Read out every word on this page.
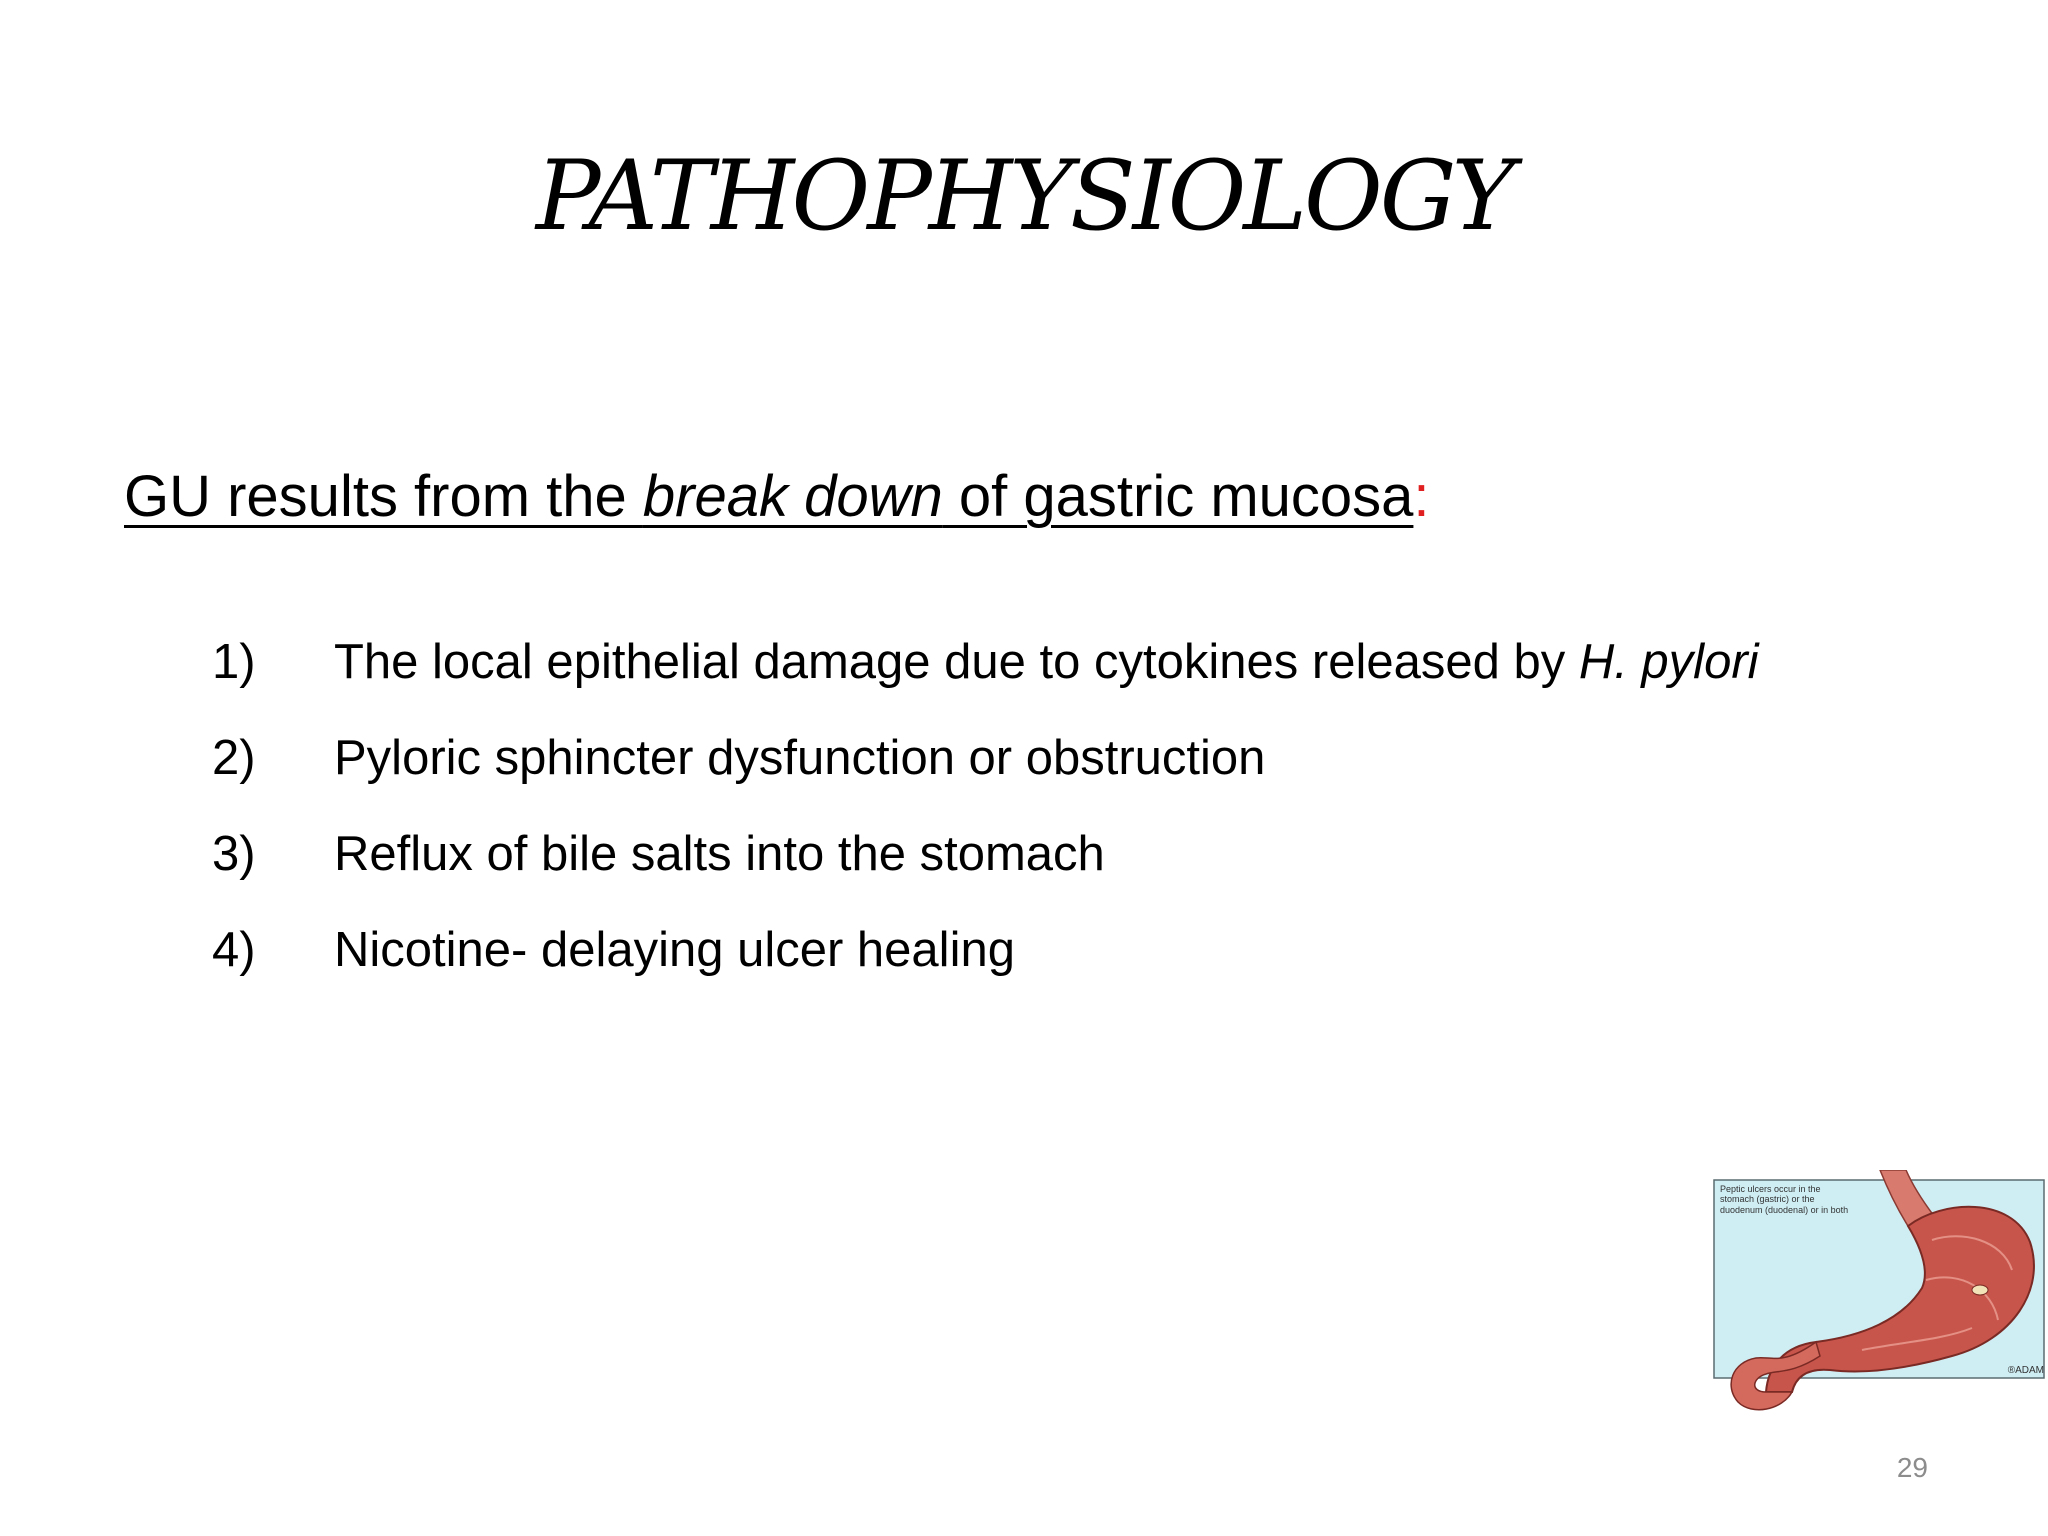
PATHOPHYSIOLOGY
GU results from the break down of gastric mucosa:
1)	The local epithelial damage due to cytokines released by H. pylori
2)	Pyloric sphincter dysfunction or obstruction
3)	Reflux of bile salts into the stomach
4)	Nicotine- delaying ulcer healing
Peptic ulcers occur in the stomach (gastric) or the duodenum (duodenal) or in both
®ADAM
29
